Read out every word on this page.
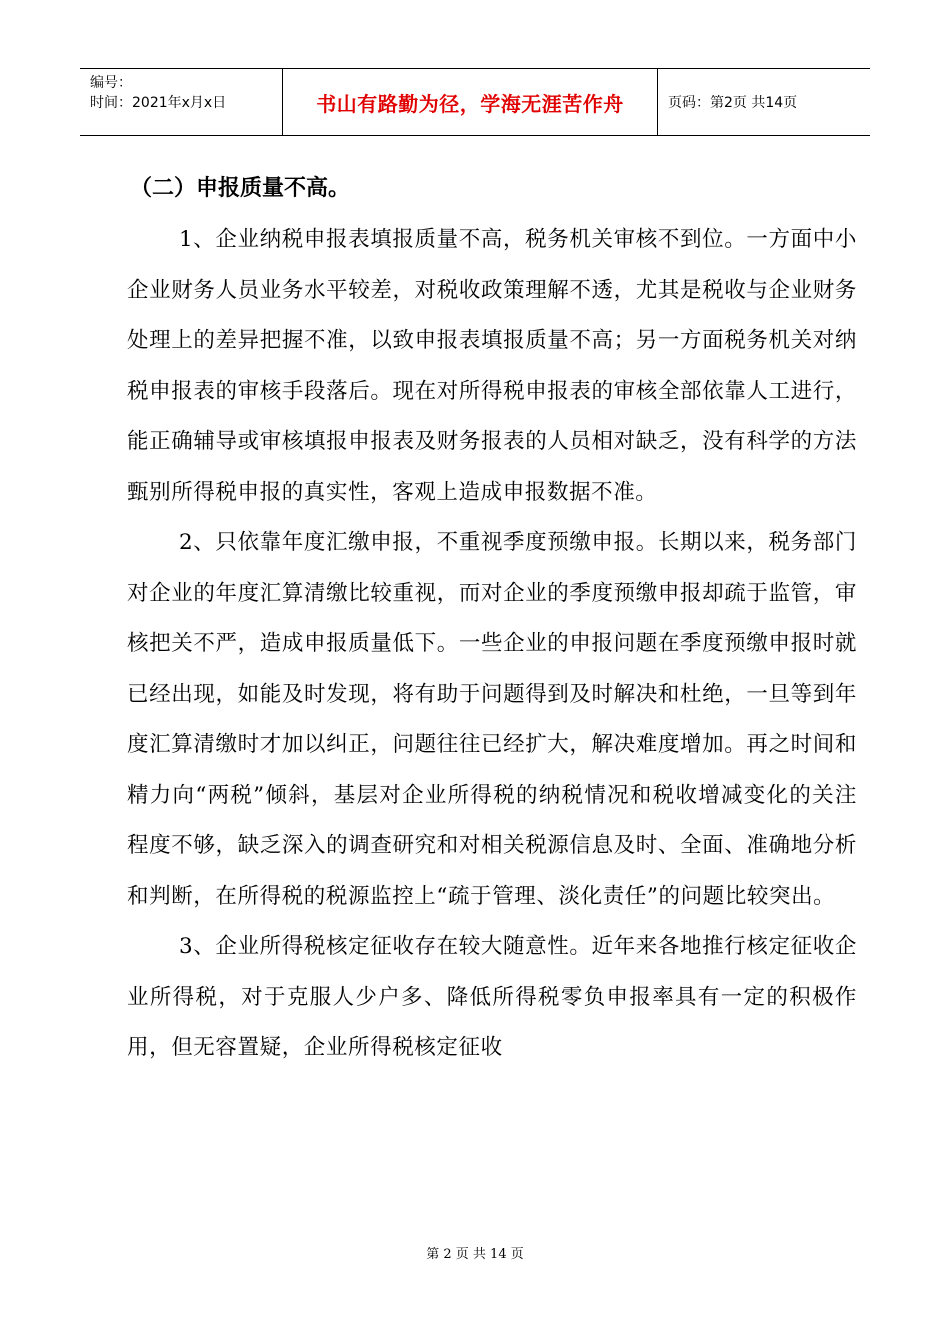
编号：
时间：2021年x月x日	书山有路勤为径，学海无涯苦作舟	页码：第2页 共14页
（二）申报质量不高。

1、企业纳税申报表填报质量不高，税务机关审核不到位。一方面中小企业财务人员业务水平较差，对税收政策理解不透，尤其是税收与企业财务处理上的差异把握不准，以致申报表填报质量不高；另一方面税务机关对纳税申报表的审核手段落后。现在对所得税申报表的审核全部依靠人工进行，能正确辅导或审核填报申报表及财务报表的人员相对缺乏，没有科学的方法甄别所得税申报的真实性，客观上造成申报数据不准。

2、只依靠年度汇缴申报，不重视季度预缴申报。长期以来，税务部门对企业的年度汇算清缴比较重视，而对企业的季度预缴申报却疏于监管，审核把关不严，造成申报质量低下。一些企业的申报问题在季度预缴申报时就已经出现，如能及时发现，将有助于问题得到及时解决和杜绝，一旦等到年度汇算清缴时才加以纠正，问题往往已经扩大，解决难度增加。再之时间和精力向“两税”倾斜，基层对企业所得税的纳税情况和税收增减变化的关注程度不够，缺乏深入的调查研究和对相关税源信息及时、全面、准确地分析和判断，在所得税的税源监控上“疏于管理、淡化责任”的问题比较突出。

3、企业所得税核定征收存在较大随意性。近年来各地推行核定征收企业所得税，对于克服人少户多、降低所得税零负申报率具有一定的积极作用，但无容置疑，企业所得税核定征收

第 2 页 共 14 页
